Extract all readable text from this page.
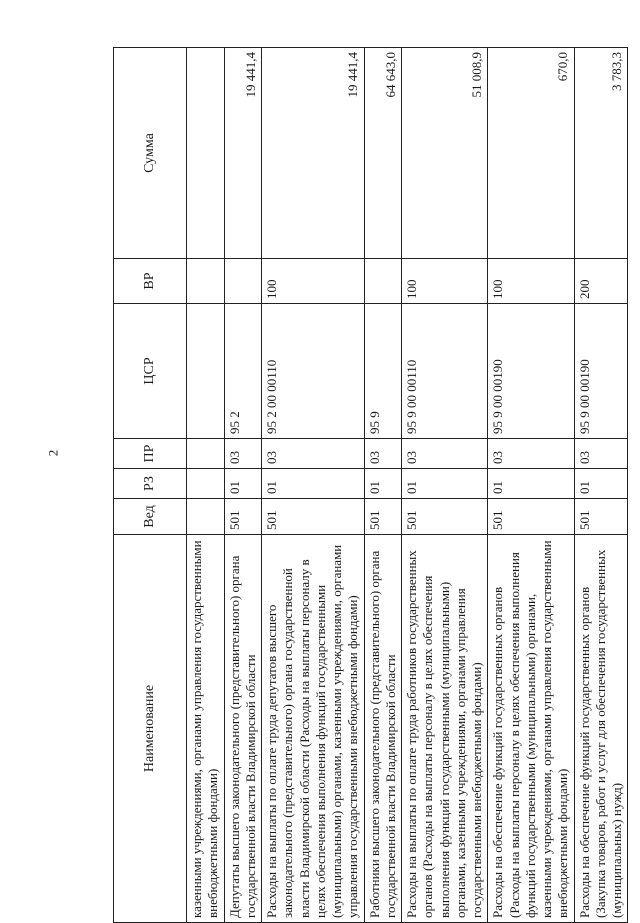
2
Наименование	Вед	РЗ	ПР	ЦСР	ВР	Сумма
казенными учреждениями, органами управления государственными внебюджетными фондами)						
Депутаты высшего законодательного (представительного) органа государственной власти Владимирской области	501	01	03	95 2		19 441,4
Расходы на выплаты по оплате труда депутатов высшего законодательного (представительного) органа государственной власти Владимирской области (Расходы на выплаты персоналу в целях обеспечения выполнения функций государственными (муниципальными) органами, казенными учреждениями, органами управления государственными внебюджетными фондами)	501	01	03	95 2 00 00110	100	19 441,4
Работники высшего законодательного (представительного) органа государственной власти Владимирской области	501	01	03	95 9		64 643,0
Расходы на выплаты по оплате труда работников государственных органов (Расходы на выплаты персоналу в целях обеспечения выполнения функций государственными (муниципальными) органами, казенными учреждениями, органами управления государственными внебюджетными фондами)	501	01	03	95 9 00 00110	100	51 008,9
Расходы на обеспечение функций государственных органов (Расходы на выплаты персоналу в целях обеспечения выполнения функций государственными (муниципальными) органами, казенными учреждениями, органами управления государственными внебюджетными фондами)	501	01	03	95 9 00 00190	100	670,0
Расходы на обеспечение функций государственных органов (Закупка товаров, работ и услуг для обеспечения государственных (муниципальных) нужд)	501	01	03	95 9 00 00190	200	3 783,3
